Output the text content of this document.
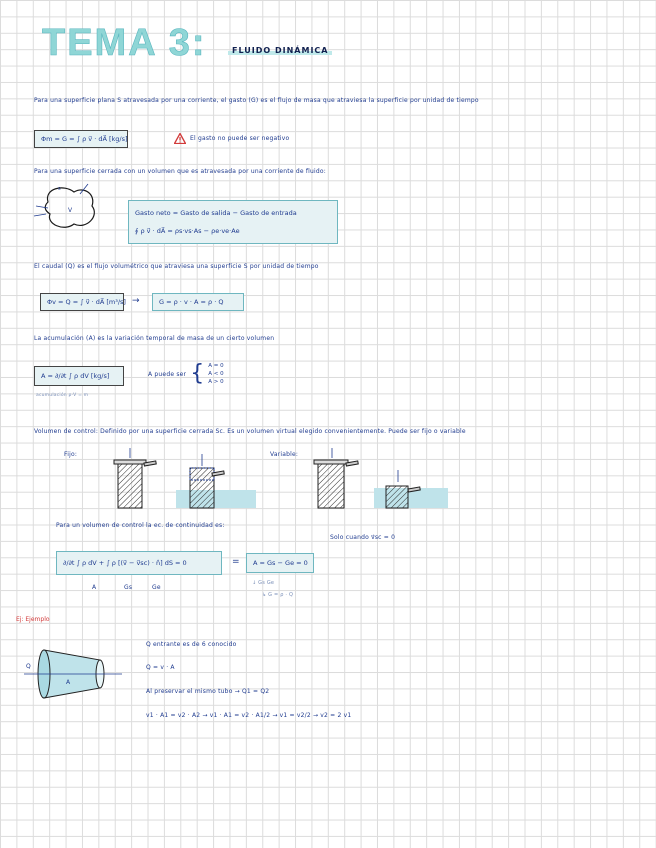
TEMA 3:	FLUIDO DINÁMICA
Para una superficie plana S atravesada por una corriente, el gasto (G) es el flujo de masa que atraviesa la superficie por unidad de tiempo
Φm = G = ∫ ρ v⃗ · dA⃗ [kg/s]	El gasto no puede ser negativo
Para una superficie cerrada con un volumen que es atravesada por una corriente de fluido:
V
s
Gasto neto = Gasto de salida − Gasto de entrada
∮ ρ v⃗ · dA⃗ = ρs·vs·As − ρe·ve·Ae
El caudal (Q) es el flujo volumétrico que atraviesa una superficie S por unidad de tiempo
Φv = Q = ∫ v⃗ · dA⃗ [m³/s] →	G = ρ · v · A = ρ · Q
La acumulación (A) es la variación temporal de masa de un cierto volumen
A = ∂/∂t ∫ ρ dV [kg/s]
acumulación ρ·V = m
A puede ser { A = 0
A < 0
A > 0
Volumen de control: Definido por una superficie cerrada Sc. Es un volumen virtual elegido convenientemente. Puede ser fijo o variable
Fijo:	Variable:
Para un volumen de control la ec. de continuidad es:
Solo cuando v⃗sc = 0
∂/∂t ∫ ρ dV + ∫ ρ [(v⃗ − v⃗sc) · n̂] dS = 0
A	Gs	Ge
= A = Gs − Ge = 0
↓ Gs Ge
↳ G = ρ · Q
Ej: Ejemplo
Q
A
Q entrante es de 6 conocido
Q = v · A
Al preservar el mismo tubo → Q1 = Q2
v1 · A1 = v2 · A2 → v1 · A1 = v2 · A1/2 → v1 = v2/2 → v2 = 2 v1
